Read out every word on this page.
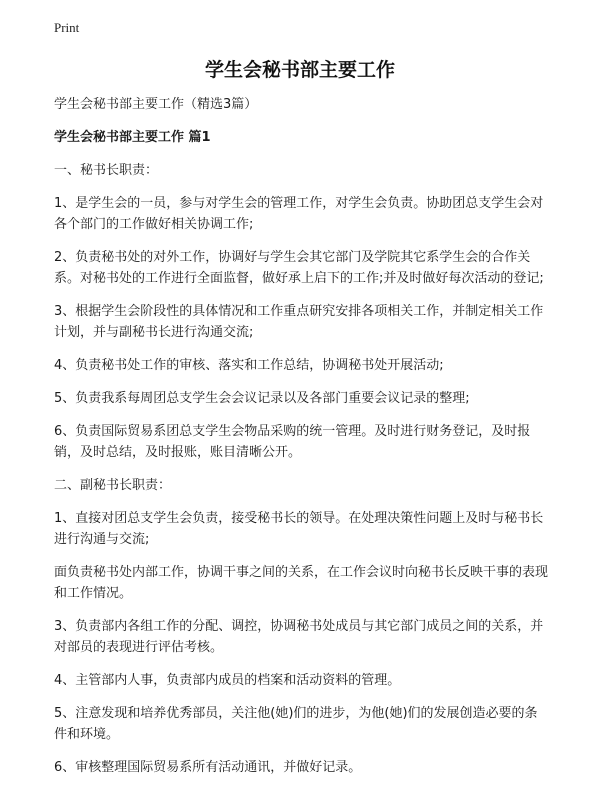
Print
学生会秘书部主要工作

学生会秘书部主要工作（精选3篇）

学生会秘书部主要工作 篇1

一、秘书长职责：

1、是学生会的一员，参与对学生会的管理工作，对学生会负责。协助团总支学生会对各个部门的工作做好相关协调工作;

2、负责秘书处的对外工作，协调好与学生会其它部门及学院其它系学生会的合作关系。对秘书处的工作进行全面监督，做好承上启下的工作;并及时做好每次活动的登记;

3、根据学生会阶段性的具体情况和工作重点研究安排各项相关工作，并制定相关工作计划，并与副秘书长进行沟通交流;

4、负责秘书处工作的审核、落实和工作总结，协调秘书处开展活动;

5、负责我系每周团总支学生会会议记录以及各部门重要会议记录的整理;

6、负责国际贸易系团总支学生会物品采购的统一管理。及时进行财务登记，及时报销，及时总结，及时报账，账目清晰公开。

二、副秘书长职责：

1、直接对团总支学生会负责，接受秘书长的领导。在处理决策性问题上及时与秘书长进行沟通与交流;

面负责秘书处内部工作，协调干事之间的关系，在工作会议时向秘书长反映干事的表现和工作情况。

3、负责部内各组工作的分配、调控，协调秘书处成员与其它部门成员之间的关系，并对部员的表现进行评估考核。

4、主管部内人事，负责部内成员的档案和活动资料的管理。

5、注意发现和培养优秀部员，关注他(她)们的进步，为他(她)们的发展创造必要的条件和环境。

6、审核整理国际贸易系所有活动通讯，并做好记录。
